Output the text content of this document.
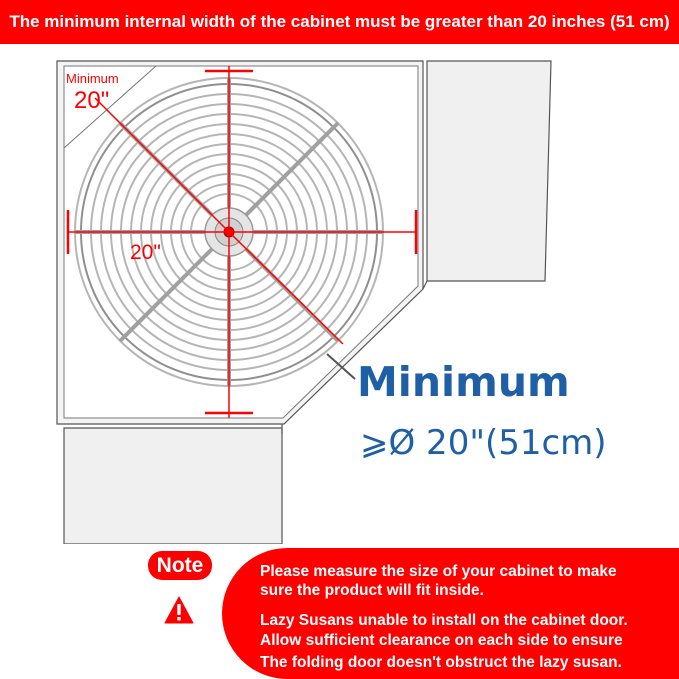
The minimum internal width of the cabinet must be greater than 20 inches (51 cm)
Minimum
20"
20"
Minimum
⩾Ø 20"(51cm)
Note	Please measure the size of your cabinet to make

sure the product will fit inside.

Lazy Susans unable to install on the cabinet door.

Allow sufficient clearance on each side to ensure

The folding door doesn't obstruct the lazy susan.
